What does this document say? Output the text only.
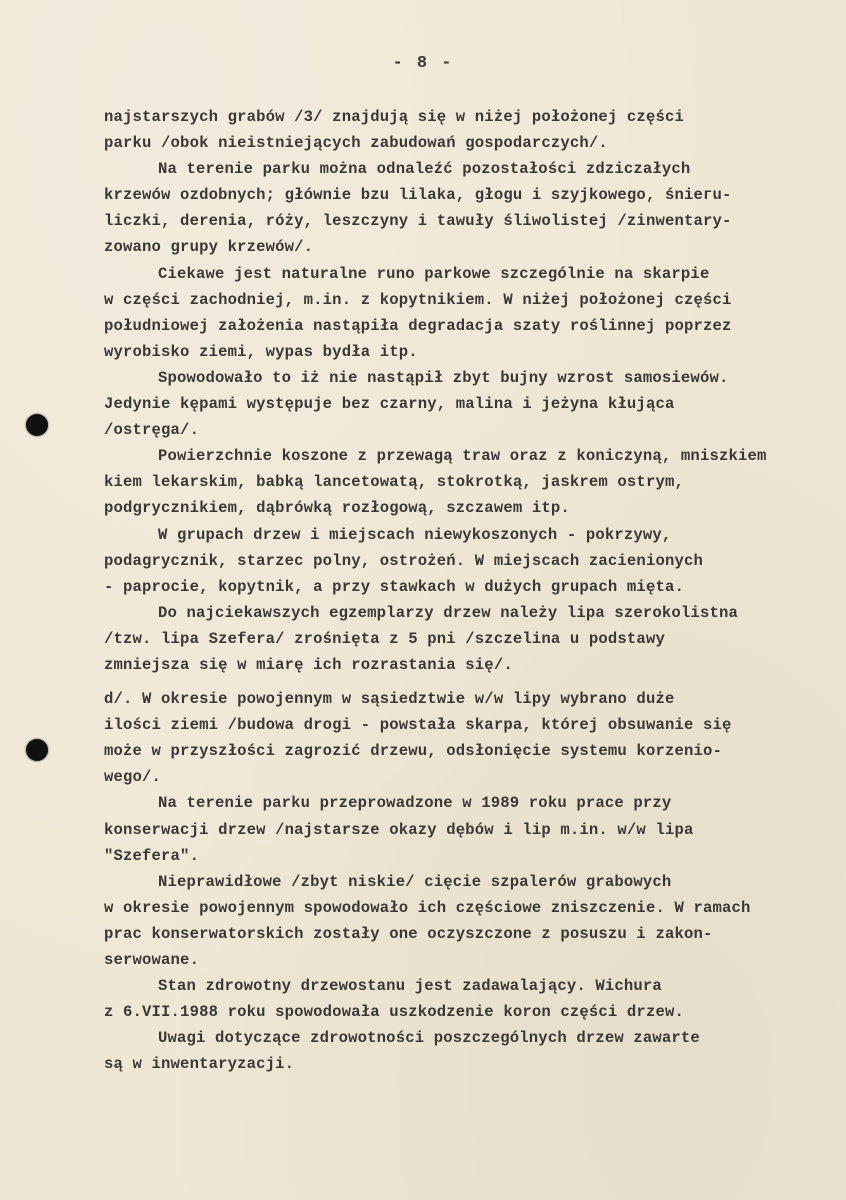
- 8 -
najstarszych grabów /3/ znajdują się w niżej położonej części
parku /obok nieistniejących zabudowań gospodarczych/.
Na terenie parku można odnaleźć pozostałości zdziczałych
krzewów ozdobnych; głównie bzu lilaka, głogu i szyjkowego, śnieгu-
liczki, derenia, róży, leszczyny i tawuły śliwolistej /zinwentary-
zowano grupy krzewów/.
Ciekawe jest naturalne runo parkowe szczególnie na skarpie
w części zachodniej, m.in. z kopytnikiem. W niżej położonej części
południowej założenia nastąpiła degradacja szaty roślinnej poprzez
wyrobisko ziemi, wypas bydła itp.
Spowodowało to iż nie nastąpił zbyt bujny wzrost samosiewów.
Jedynie kępami występuje bez czarny, malina i jeżyna kłująca
/ostręga/.
Powierzchnie koszone z przewagą traw oraz z koniczyną, mniszkiem
kiem lekarskim, babką lancetowatą, stokrotką, jaskrem ostrym,
podgrycznikiem, dąbrówką rozłogową, szczawem itp.
W grupach drzew i miejscach niewykoszonych - pokrzywy,
podagrycznik, starzec polny, ostrożeń. W miejscach zacienionych
- paprocie, kopytnik, a przy stawkach w dużych grupach mięta.
Do najciekawszych egzemplarzy drzew należy lipa szerokolistna
/tzw. lipa Szefera/ zrośnięta z 5 pni /szczelina u podstawy
zmniejsza się w miarę ich rozrastania się/.
d/. W okresie powojennym w sąsiedztwie w/w lipy wybrano duże
ilości ziemi /budowa drogi - powstała skarpa, której obsuwanie się
może w przyszłości zagrozić drzewu, odsłonięcie systemu korzenio-
wego/.
Na terenie parku przeprowadzone w 1989 roku prace przy
konserwacji drzew /najstarsze okazy dębów i lip m.in. w/w lipa
"Szefera".
Nieprawidłowe /zbyt niskie/ cięcie szpalerów grabowych
w okresie powojennym spowodowało ich częściowe zniszczenie. W ramach
prac konserwatorskich zostały one oczyszczone z posuszu i zakon-
serwowane.
Stan zdrowotny drzewostanu jest zadawalający. Wichura
z 6.VII.1988 roku spowodowała uszkodzenie koron części drzew.
Uwagi dotyczące zdrowotności poszczególnych drzew zawarte
są w inwentaryzacji.
